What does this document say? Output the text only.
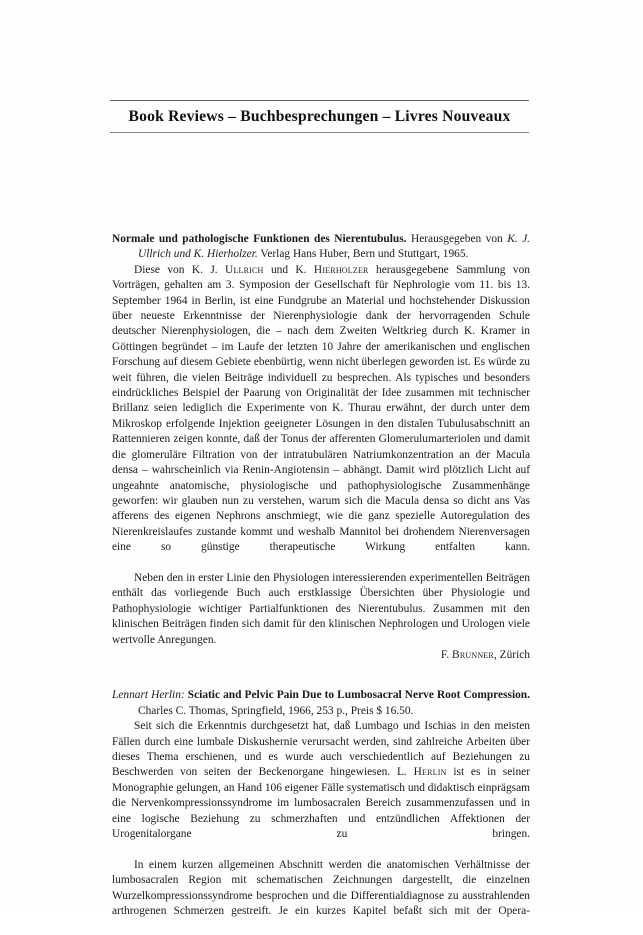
Book Reviews – Buchbesprechungen – Livres Nouveaux
Normale und pathologische Funktionen des Nierentubulus. Herausgegeben von K. J. Ullrich und K. Hierholzer. Verlag Hans Huber, Bern und Stuttgart, 1965.

Diese von K. J. Ullrich und K. Hierholzer herausgegebene Sammlung von Vorträgen, gehalten am 3. Symposion der Gesellschaft für Nephrologie vom 11. bis 13. September 1964 in Berlin, ist eine Fundgrube an Material und hochstehender Diskussion über neueste Erkenntnisse der Nierenphysiologie dank der hervorragenden Schule deutscher Nierenphysiologen, die – nach dem Zweiten Weltkrieg durch K. Kramer in Göttingen begründet – im Laufe der letzten 10 Jahre der amerikanischen und englischen Forschung auf diesem Gebiete ebenbürtig, wenn nicht überlegen geworden ist. Es würde zu weit führen, die vielen Beiträge individuell zu besprechen. Als typisches und besonders eindrückliches Beispiel der Paarung von Originalität der Idee zusammen mit technischer Brillanz seien lediglich die Experimente von K. Thurau erwähnt, der durch unter dem Mikroskop erfolgende Injektion geeigneter Lösungen in den distalen Tubulusabschnitt an Rattennieren zeigen konnte, daß der Tonus der afferenten Glomerulumarteriolen und damit die glomeruläre Filtration von der intratubulären Natriumkonzentration an der Macula densa – wahrscheinlich via Renin-Angiotensin – abhängt. Damit wird plötzlich Licht auf ungeahnte anatomische, physiologische und pathophysiologische Zusammenhänge geworfen: wir glauben nun zu verstehen, warum sich die Macula densa so dicht ans Vas afferens des eigenen Nephrons anschmiegt, wie die ganz spezielle Autoregulation des Nierenkreislaufes zustande kommt und weshalb Mannitol bei drohendem Nierenversagen eine so günstige therapeutische Wirkung entfalten kann.

Neben den in erster Linie den Physiologen interessierenden experimentellen Beiträgen enthält das vorliegende Buch auch erstklassige Übersichten über Physiologie und Pathophysiologie wichtiger Partialfunktionen des Nierentubulus. Zusammen mit den klinischen Beiträgen finden sich damit für den klinischen Nephrologen und Urologen viele wertvolle Anregungen.

F. Brunner, Zürich
Lennart Herlin: Sciatic and Pelvic Pain Due to Lumbosacral Nerve Root Compression. Charles C. Thomas, Springfield, 1966, 253 p., Preis $ 16.50.

Seit sich die Erkenntnis durchgesetzt hat, daß Lumbago und Ischias in den meisten Fällen durch eine lumbale Diskushernie verursacht werden, sind zahlreiche Arbeiten über dieses Thema erschienen, und es wurde auch verschiedentlich auf Beziehungen zu Beschwerden von seiten der Beckenorgane hingewiesen. L. Herlin ist es in seiner Monographie gelungen, an Hand 106 eigener Fälle systematisch und didaktisch einprägsam die Nervenkompressionssyndrome im lumbosacralen Bereich zusammenzufassen und in eine logische Beziehung zu schmerzhaften und entzündlichen Affektionen der Urogenitalorgane zu bringen.

In einem kurzen allgemeinen Abschnitt werden die anatomischen Verhältnisse der lumbosacralen Region mit schematischen Zeichnungen dargestellt, die einzelnen Wurzelkompressionssyndrome besprochen und die Differentialdiagnose zu ausstrahlenden arthrogenen Schmerzen gestreift. Je ein kurzes Kapitel befaßt sich mit der Opera-
